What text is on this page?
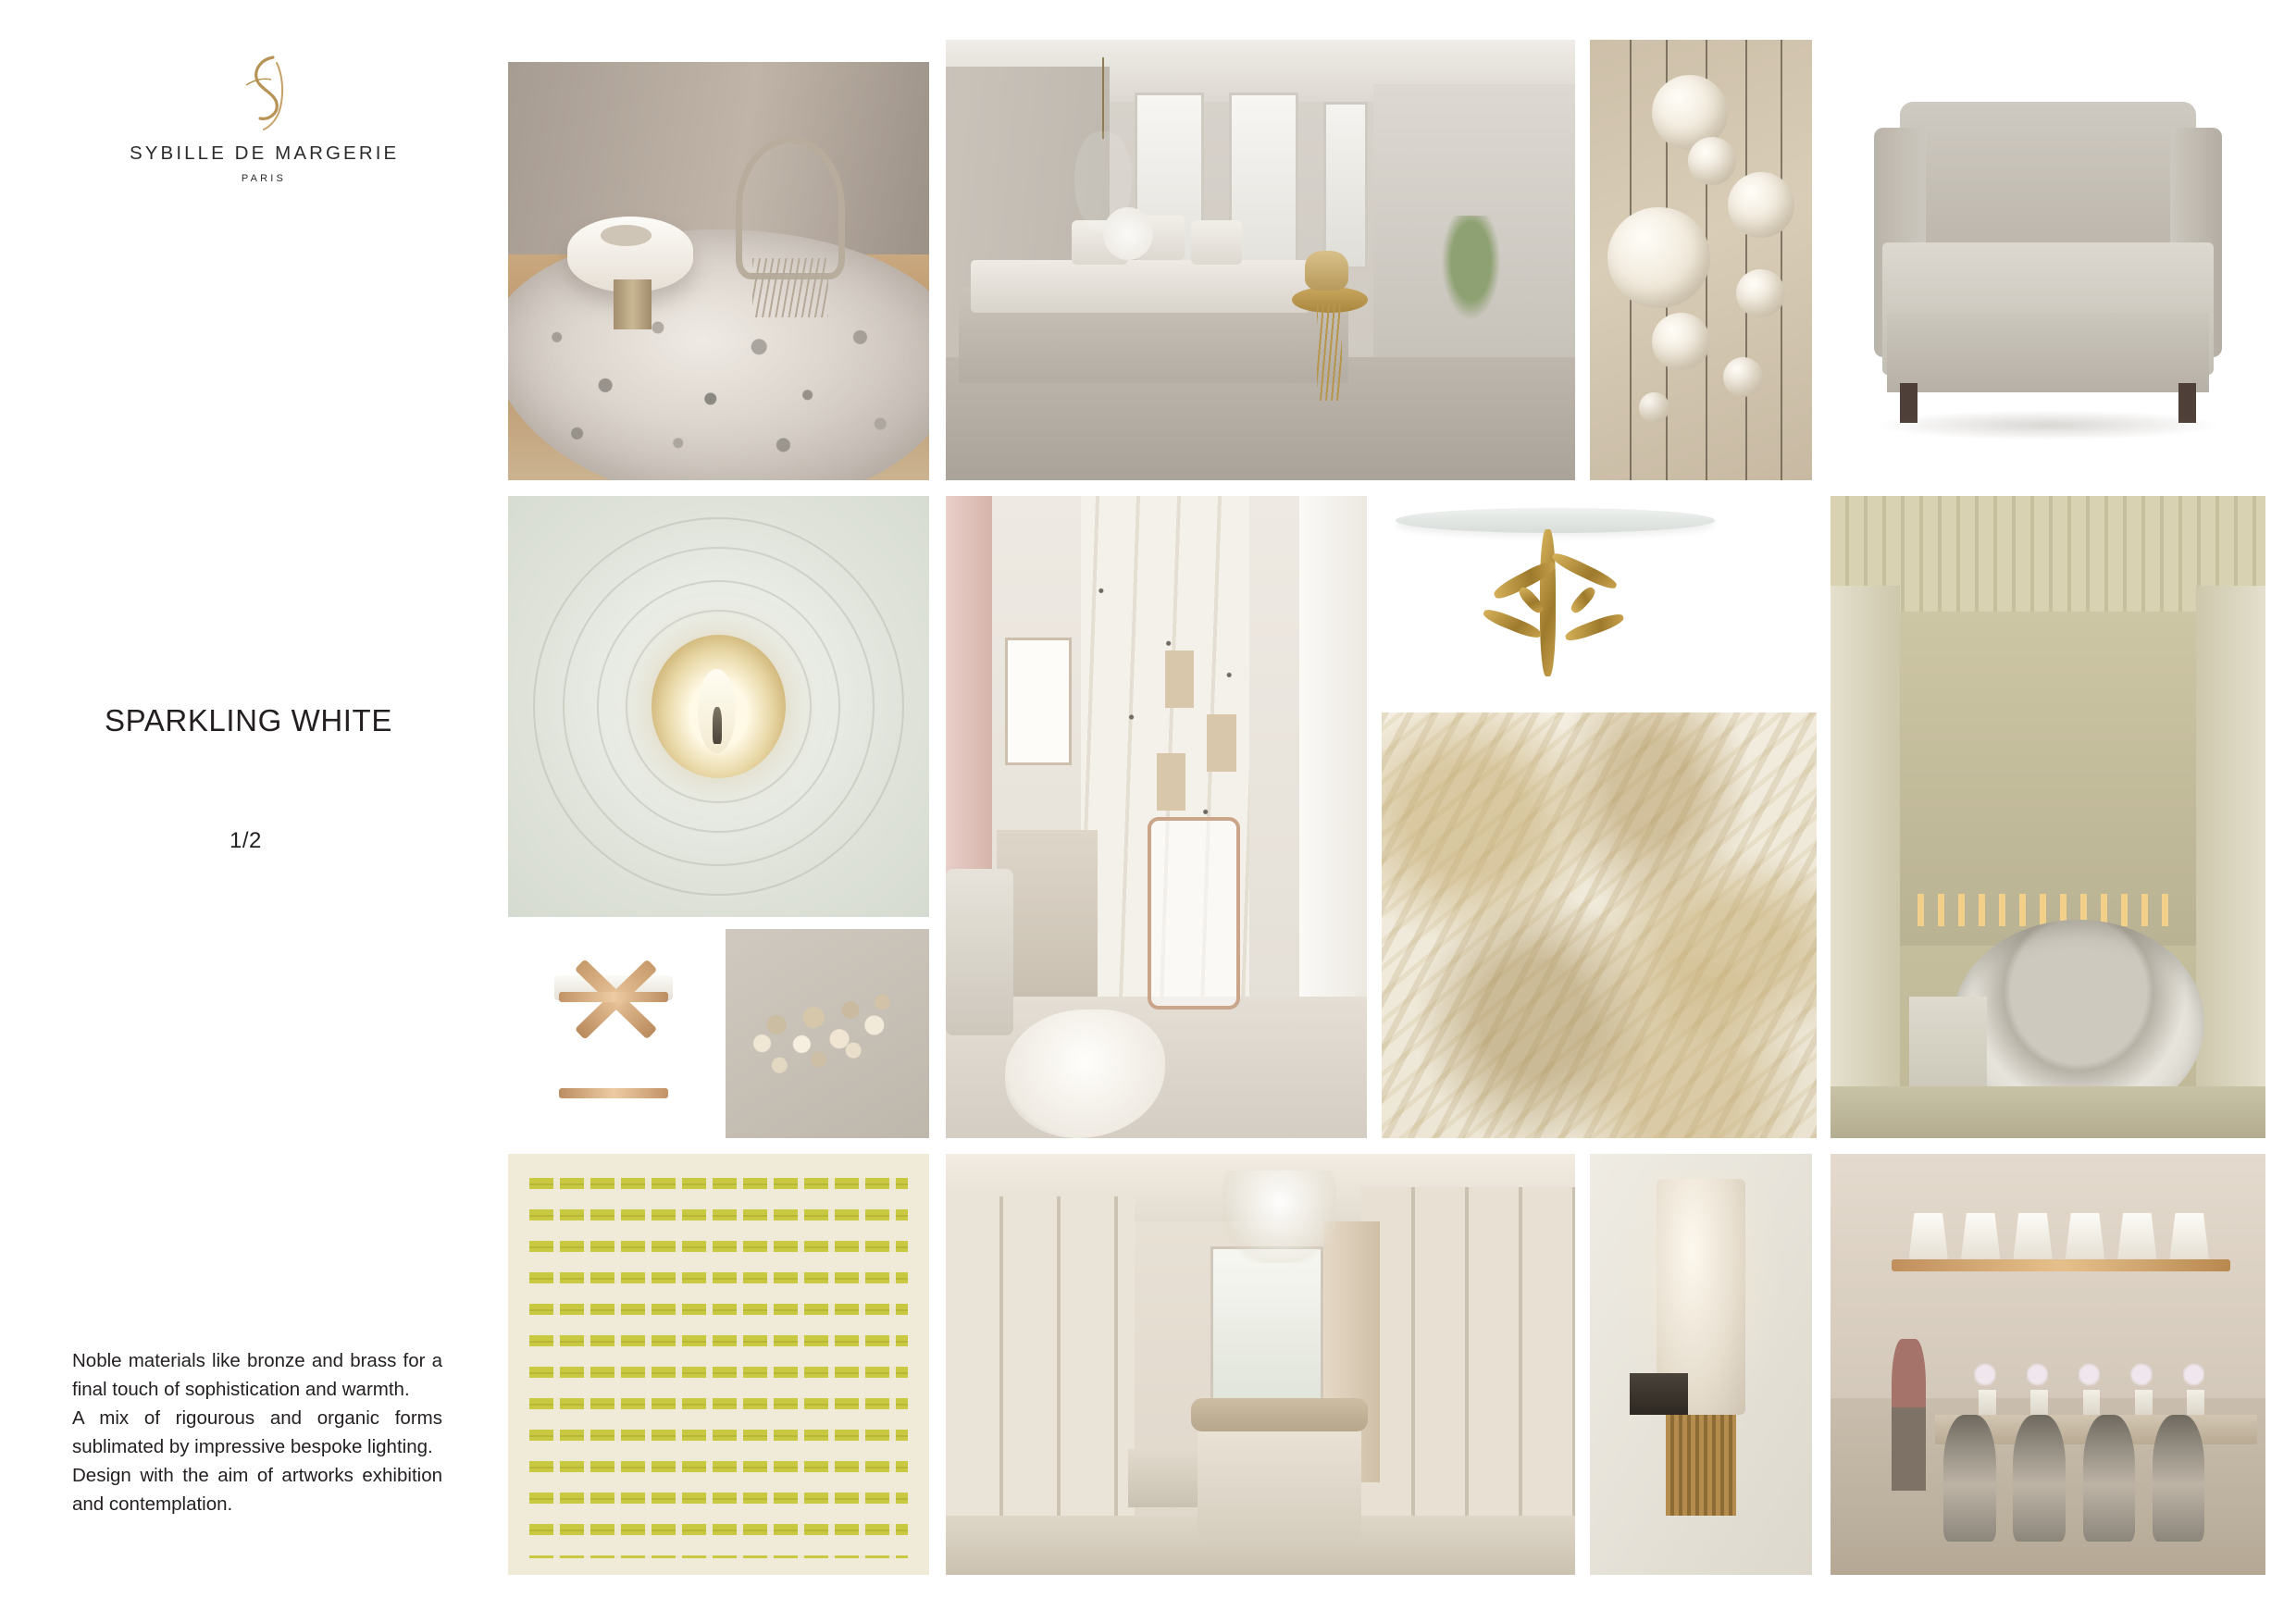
SYBILLE DE MARGERIE
PARIS
SPARKLING WHITE
1/2

Noble materials like bronze and brass for a final touch of sophistication and warmth.

A mix of rigourous and organic forms sublimated by impressive bespoke lighting.

Design with the aim of artworks exhibition and contemplation.
